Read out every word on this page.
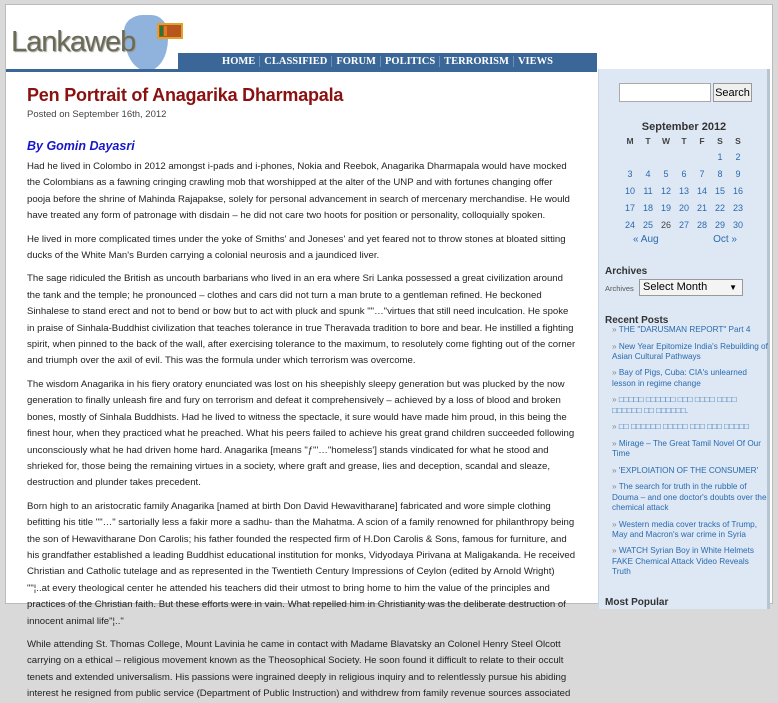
Lankaweb
HOME CLASSIFIED FORUM POLITICS TERRORISM VIEWS
Pen Portrait of Anagarika Dharmapala
Posted on September 16th, 2012
By Gomin Dayasri

Had he lived in Colombo in 2012 amongst i-pads and i-phones, Nokia and Reebok, Anagarika Dharmapala would have mocked the Colombians as a fawning cringing crawling mob that worshipped at the alter of the UNP and with fortunes changing offer pooja before the shrine of Mahinda Rajapakse, solely for personal advancement in search of mercenary merchandise. He would have treated any form of patronage with disdain – he did not care two hoots for position or personality, colloquially spoken.

He lived in more complicated times under the yoke of Smiths' and Joneses' and yet feared not to throw stones at bloated sitting ducks of the White Man's Burden carrying a colonial neurosis and a jaundiced liver.

The sage ridiculed the British as uncouth barbarians who lived in an era where Sri Lanka possessed a great civilization around the tank and the temple; he pronounced – clothes and cars did not turn a man brute to a gentleman refined. He beckoned Sinhalese to stand erect and not to bend or bow but to act with pluck and spunk ""…"virtues that still need inculcation. He spoke in praise of Sinhala-Buddhist civilization that teaches tolerance in true Theravada tradition to bore and bear. He instilled a fighting spirit, when pinned to the back of the wall, after exercising tolerance to the maximum, to resolutely come fighting out of the corner and triumph over the axil of evil. This was the formula under which terrorism was overcome.

The wisdom Anagarika in his fiery oratory enunciated was lost on his sheepishly sleepy generation but was plucked by the now generation to finally unleash fire and fury on terrorism and defeat it comprehensively – achieved by a loss of blood and broken bones, mostly of Sinhala Buddhists. Had he lived to witness the spectacle, it sure would have made him proud, in this being the finest hour, when they practiced what he preached. What his peers failed to achieve his great grand children succeeded following unconsciously what he had driven home hard. Anagarika [means "ƒ"'…"homeless'] stands vindicated for what he stood and shrieked for, those being the remaining virtues in a society, where graft and grease, lies and deception, scandal and sleaze, destruction and plunder takes precedent.

Born high to an aristocratic family Anagarika [named at birth Don David Hewavitharane] fabricated and wore simple clothing befitting his title ""…" sartorially less a fakir more a sadhu- than the Mahatma. A scion of a family renowned for philanthropy being the son of Hewavitharane Don Carolis; his father founded the respected firm of H.Don Carolis & Sons, famous for furniture, and his grandfather established a leading Buddhist educational institution for monks, Vidyodaya Pirivana at Maligakanda. He received Christian and Catholic tutelage and as represented in the Twentieth Century Impressions of Ceylon (edited by Arnold Wright) ""¦..at every theological center he attended his teachers did their utmost to bring home to him the value of the principles and practices of the Christian faith. But these efforts were in vain. What repelled him in Christianity was the deliberate destruction of innocent animal life"¦.."

While attending St. Thomas College, Mount Lavinia he came in contact with Madame Blavatsky an Colonel Henry Steel Olcott carrying on a ethical – religious movement known as the Theosophical Society. He soon found it difficult to relate to their occult tenets and extended universalism. His passions were ingrained deeply in religious inquiry and to relentlessly pursue his abiding interest he resigned from public service (Department of Public Instruction) and withdrew from family revenue sources associated

Search
September 2012
M	T	W	T	F	S	S
					1	2
3	4	5	6	7	8	9
10	11	12	13	14	15	16
17	18	19	20	21	22	23
24	25	26	27	28	29	30
« Aug	Oct »
Archives
Archives Select Month	▼
Recent Posts
» THE "DARUSMAN REPORT" Part 4
» New Year Epitomize India's Rebuilding of Asian Cultural Pathways
» Bay of Pigs, Cuba: CIA's unlearned lesson in regime change
» □□□□□ □□□□□□ □□□ □□□□ □□□□ □□□□□□ □□ □□□□□□.
» □□ □□□□□□ □□□□□ □□□ □□□ □□□□□
» Mirage – The Great Tamil Novel Of Our Time
» 'EXPLOIATION OF THE CONSUMER'
» The search for truth in the rubble of Douma – and one doctor's doubts over the chemical attack
» Western media cover tracks of Trump, May and Macron's war crime in Syria
» WATCH Syrian Boy in White Helmets FAKE Chemical Attack Video Reveals Truth
Most Popular
